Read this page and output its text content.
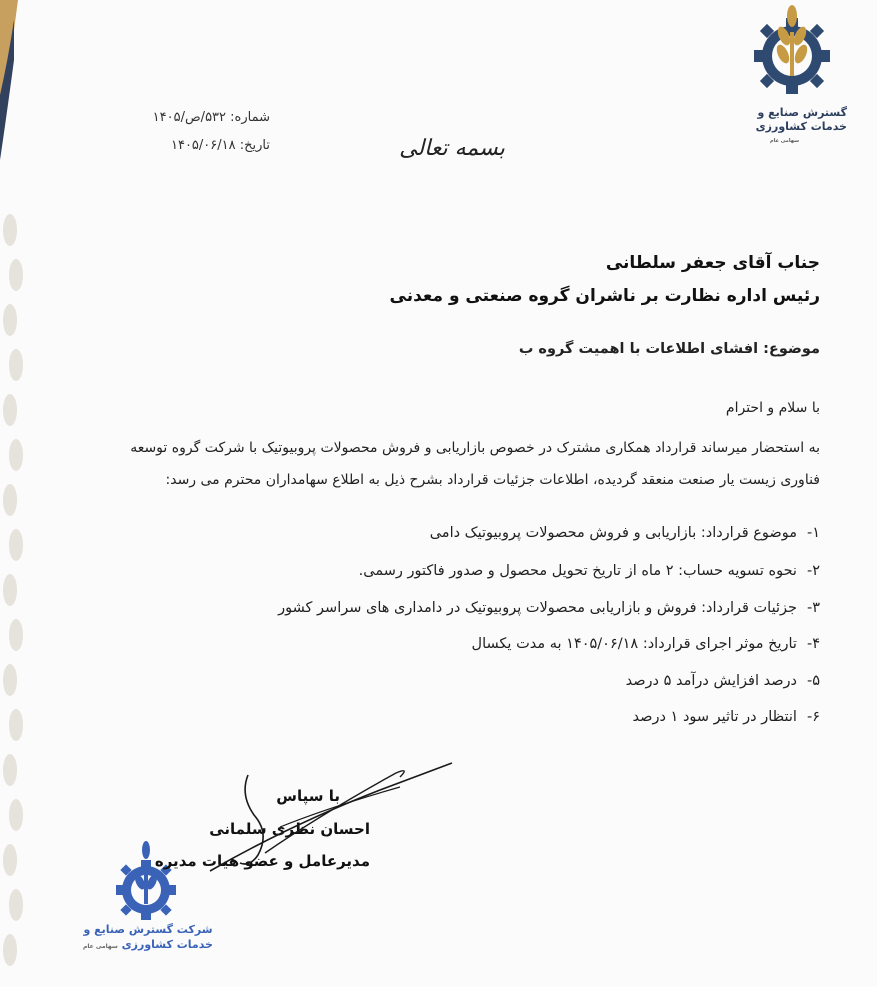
گسترش صنایع و
خدمات کشاورزی
سهامی عام
شماره: ۵۳۲/ص/۱۴۰۵
تاریخ: ۱۴۰۵/۰۶/۱۸	بسمه تعالی
جناب آقای جعفر سلطانی
رئیس اداره نظارت بر ناشران گروه صنعتی و معدنی
موضوع: افشای اطلاعات با اهمیت گروه ب
با سلام و احترام
به استحضار میرساند قرارداد همکاری مشترک در خصوص بازاریابی و فروش محصولات پروبیوتیک با شرکت گروه توسعه
فناوری زیست یار صنعت منعقد گردیده، اطلاعات جزئیات قرارداد بشرح ذیل به اطلاع سهامداران محترم می رسد:
۱-موضوع قرارداد: بازاریابی و فروش محصولات پروبیوتیک دامی
۲-نحوه تسویه حساب: ۲ ماه از تاریخ تحویل محصول و صدور فاکتور رسمی.
۳-جزئیات قرارداد: فروش و بازاریابی محصولات پروبیوتیک در دامداری های سراسر کشور
۴-تاریخ موثر اجرای قرارداد: ۱۴۰۵/۰۶/۱۸ به مدت یکسال
۵-درصد افزایش درآمد ۵ درصد
۶-انتظار در تاثیر سود ۱ درصد
شرکت گسترش صنایع و
خدمات کشاورزی سهامی عام
با سپاس
احسان نظری سلمانی
مدیرعامل و عضو هیات مدیره
